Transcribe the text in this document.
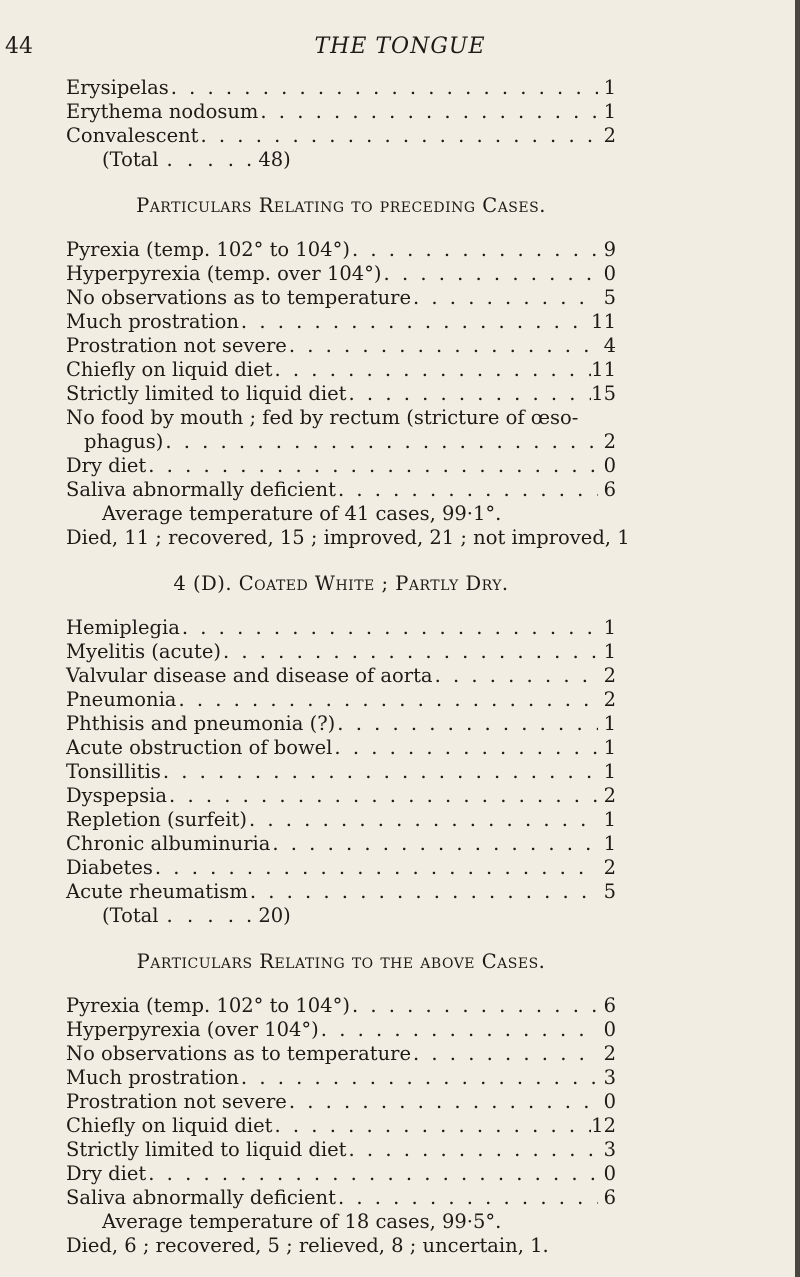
44	THE TONGUE
Erysipelas . . .	1
Erythema nodosum . . .	1
Convalescent . . .	2
(Total . . . . . 48)
Particulars Relating to preceding Cases.
Pyrexia (temp. 102° to 104°) . . .	9
Hyperpyrexia (temp. over 104°) . . .	0
No observations as to temperature . . .	5
Much prostration . . .	11
Prostration not severe . . .	4
Chiefly on liquid diet . . .	11
Strictly limited to liquid diet . . .	15
No food by mouth ; fed by rectum (stricture of œso-
phagus) . . .	2
Dry diet . . .	0
Saliva abnormally deficient . . .	6
Average temperature of 41 cases, 99·1°.
Died, 11 ; recovered, 15 ; improved, 21 ; not improved, 1
4 (D). Coated White ; Partly Dry.
Hemiplegia . . .	1
Myelitis (acute) . . .	1
Valvular disease and disease of aorta . . .	2
Pneumonia . . .	2
Phthisis and pneumonia (?) . . .	1
Acute obstruction of bowel . . .	1
Tonsillitis . . .	1
Dyspepsia . . .	2
Repletion (surfeit) . . .	1
Chronic albuminuria . . .	1
Diabetes . . .	2
Acute rheumatism . . .	5
(Total . . . . . 20)
Particulars Relating to the above Cases.
Pyrexia (temp. 102° to 104°) . . .	6
Hyperpyrexia (over 104°) . . .	0
No observations as to temperature . . .	2
Much prostration . . .	3
Prostration not severe . . .	0
Chiefly on liquid diet . . .	12
Strictly limited to liquid diet . . .	3
Dry diet . . .	0
Saliva abnormally deficient . . .	6
Average temperature of 18 cases, 99·5°.
Died, 6 ; recovered, 5 ; relieved, 8 ; uncertain, 1.
